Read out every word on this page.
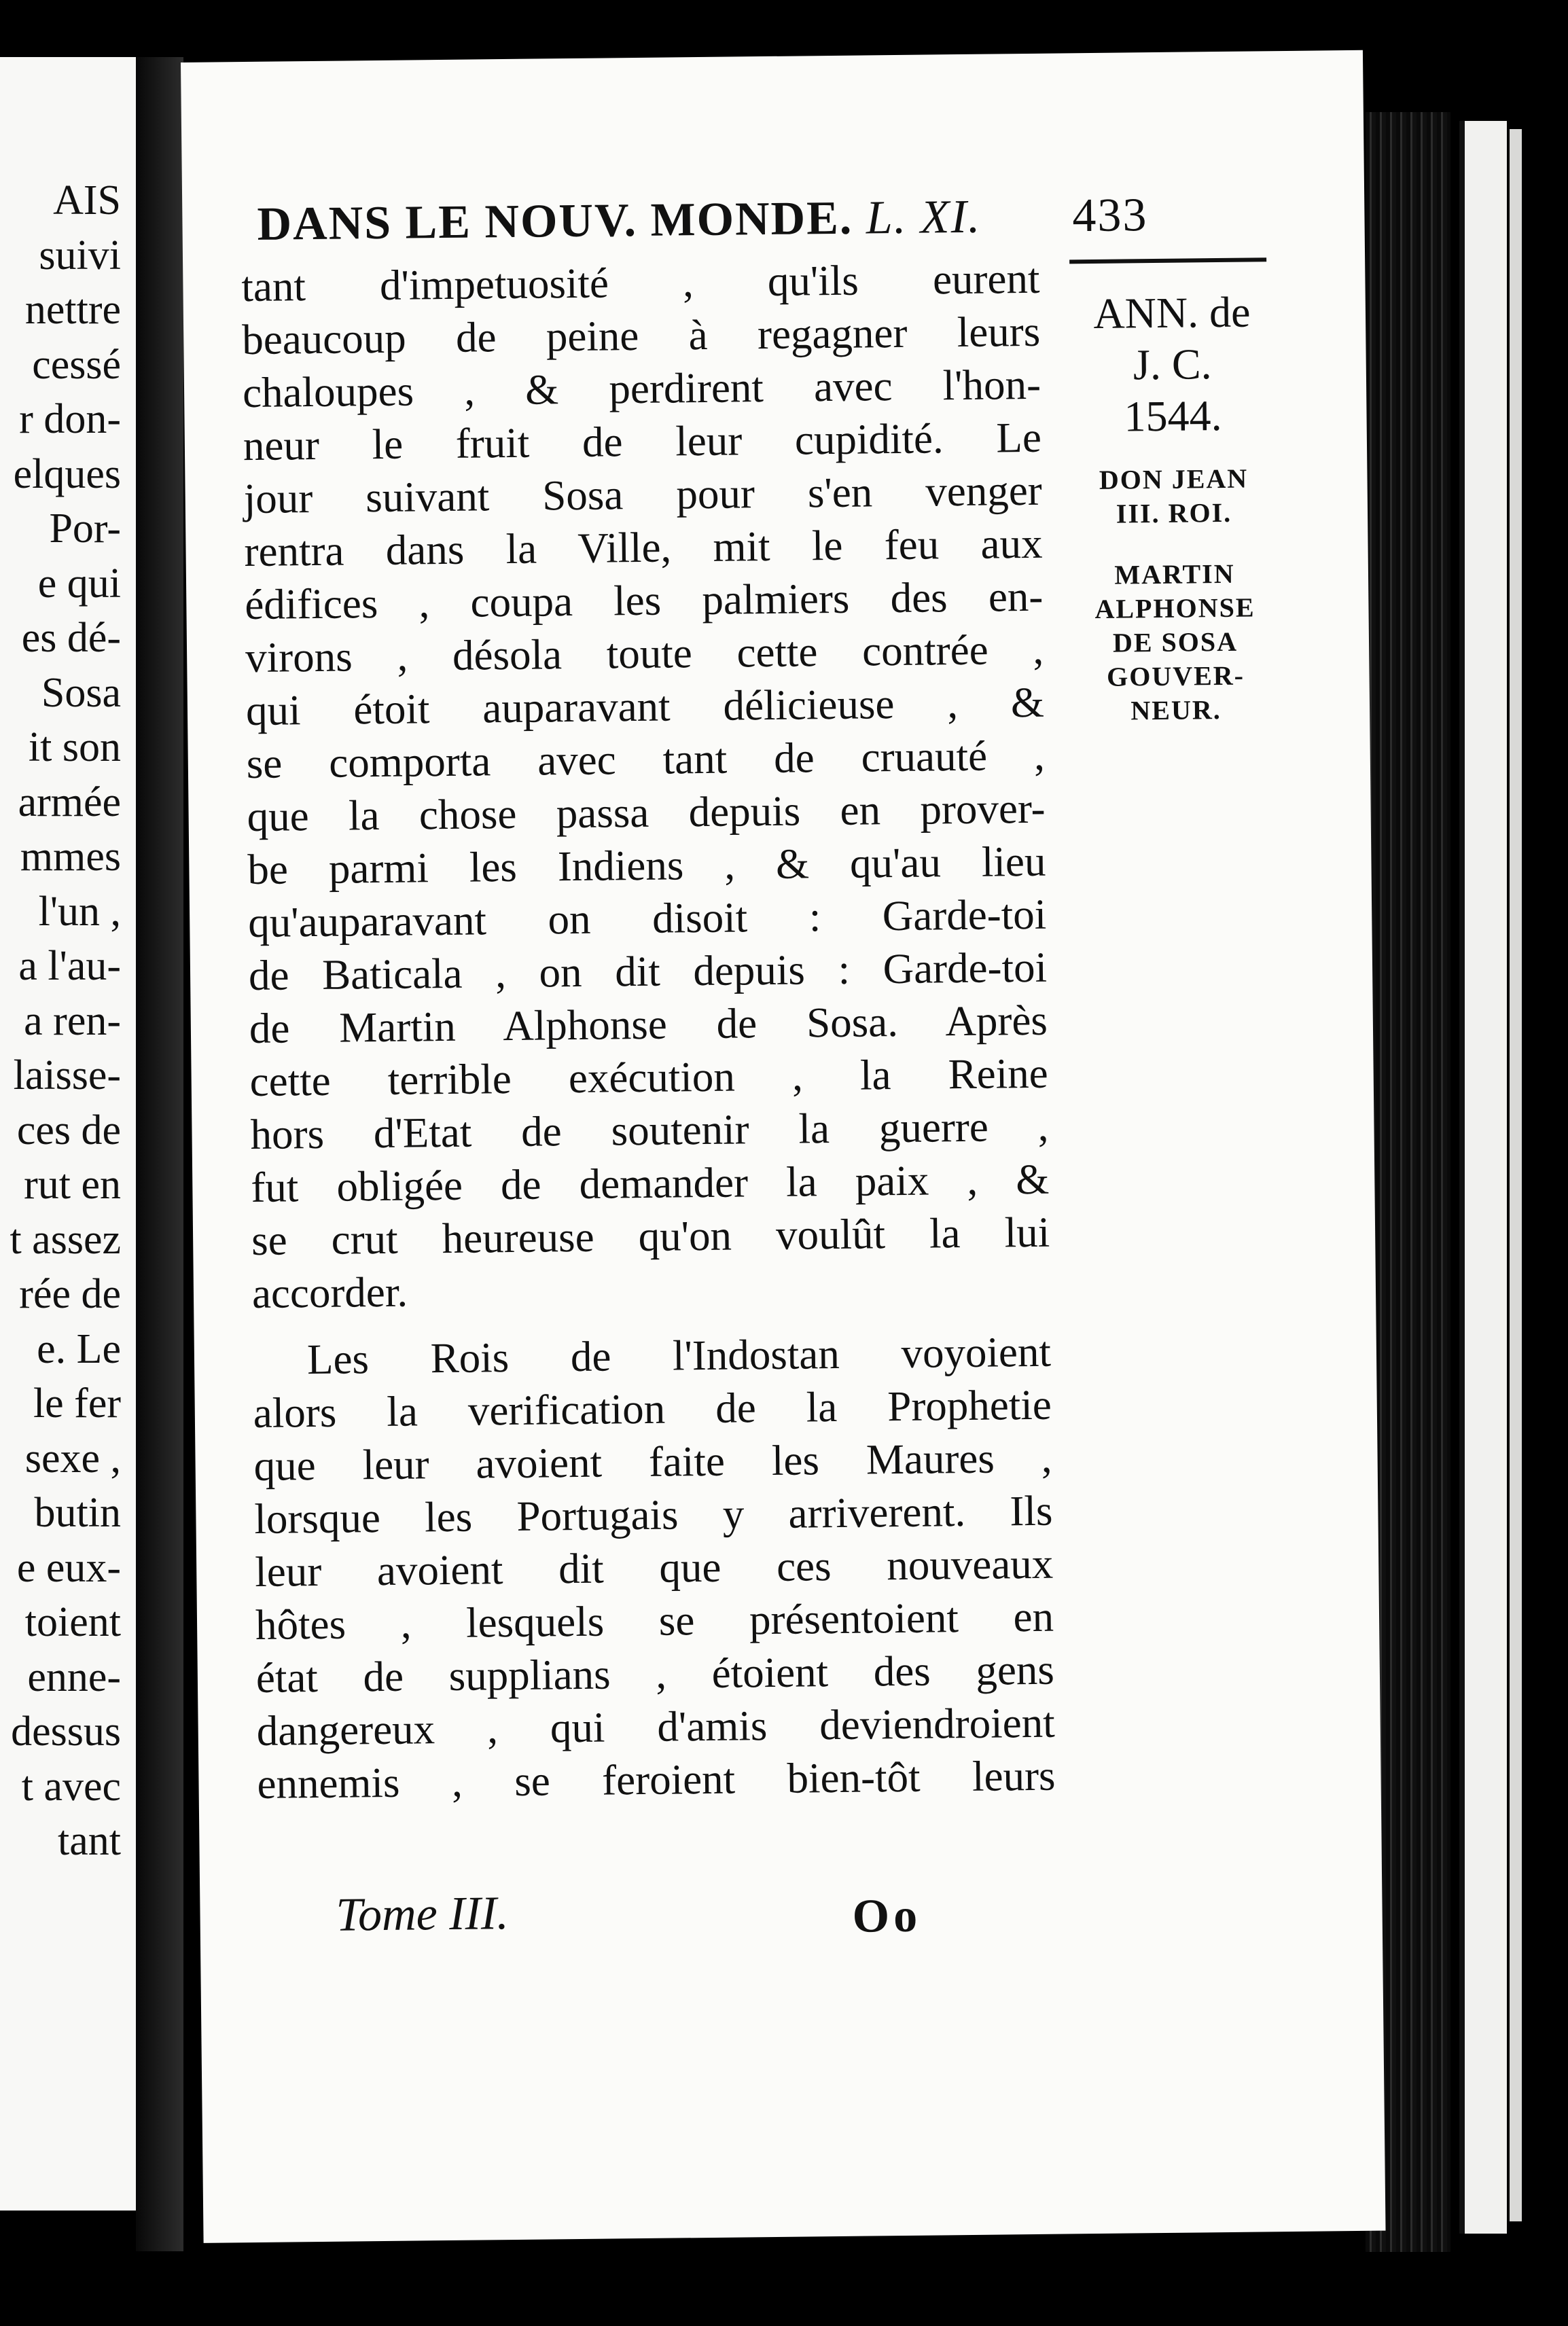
AIS
suivi
nettre
cessé
r don-
elques
Por-
e qui
es dé-
Sosa
it son
armée
mmes
l'un ,
a l'au-
a ren-
laisse-
ces de
rut en
t assez
rée de
e. Le
le fer
sexe ,
butin
e eux-
toient
enne-
dessus
t avec
tant
DANS LE NOUV. MONDE. L. XI. 433
tant d'impetuosité , qu'ils eurent
beaucoup de peine à regagner leurs
chaloupes , & perdirent avec l'hon-
neur le fruit de leur cupidité. Le
jour suivant Sosa pour s'en venger
rentra dans la Ville, mit le feu aux
édifices , coupa les palmiers des en-
virons , désola toute cette contrée ,
qui étoit auparavant délicieuse , &
se comporta avec tant de cruauté ,
que la chose passa depuis en prover-
be parmi les Indiens , & qu'au lieu
qu'auparavant on disoit : Garde-toi
de Baticala , on dit depuis : Garde-toi
de Martin Alphonse de Sosa. Après
cette terrible exécution , la Reine
hors d'Etat de soutenir la guerre ,
fut obligée de demander la paix , &
se crut heureuse qu'on voulût la lui
accorder.
Les Rois de l'Indostan voyoient
alors la verification de la Prophetie
que leur avoient faite les Maures ,
lorsque les Portugais y arriverent. Ils
leur avoient dit que ces nouveaux
hôtes , lesquels se présentoient en
état de supplians , étoient des gens
dangereux , qui d'amis deviendroient
ennemis , se feroient bien-tôt leurs
ANN. de
J. C.
1544.
DON JEAN
III. ROI.
MARTIN
ALPHONSE
DE SOSA
GOUVER-
NEUR.
Tome III.	Oo
